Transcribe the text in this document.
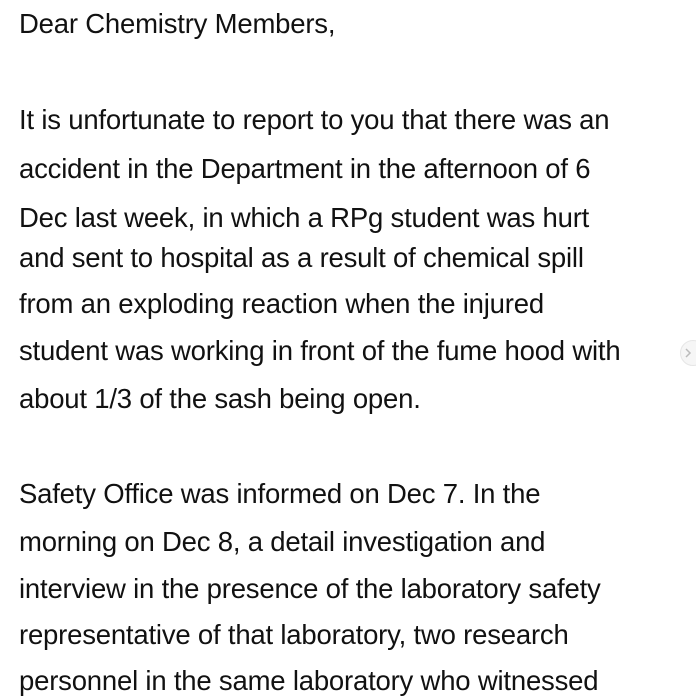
Dear Chemistry Members,
It is unfortunate to report to you that there was an
accident in the Department in the afternoon of 6
Dec last week, in which a RPg student was hurt
and sent to hospital as a result of chemical spill
from an exploding reaction when the injured
student was working in front of the fume hood with
about 1/3 of the sash being open.
Safety Office was informed on Dec 7. In the
morning on Dec 8, a detail investigation and
interview in the presence of the laboratory safety
representative of that laboratory, two research
personnel in the same laboratory who witnessed
